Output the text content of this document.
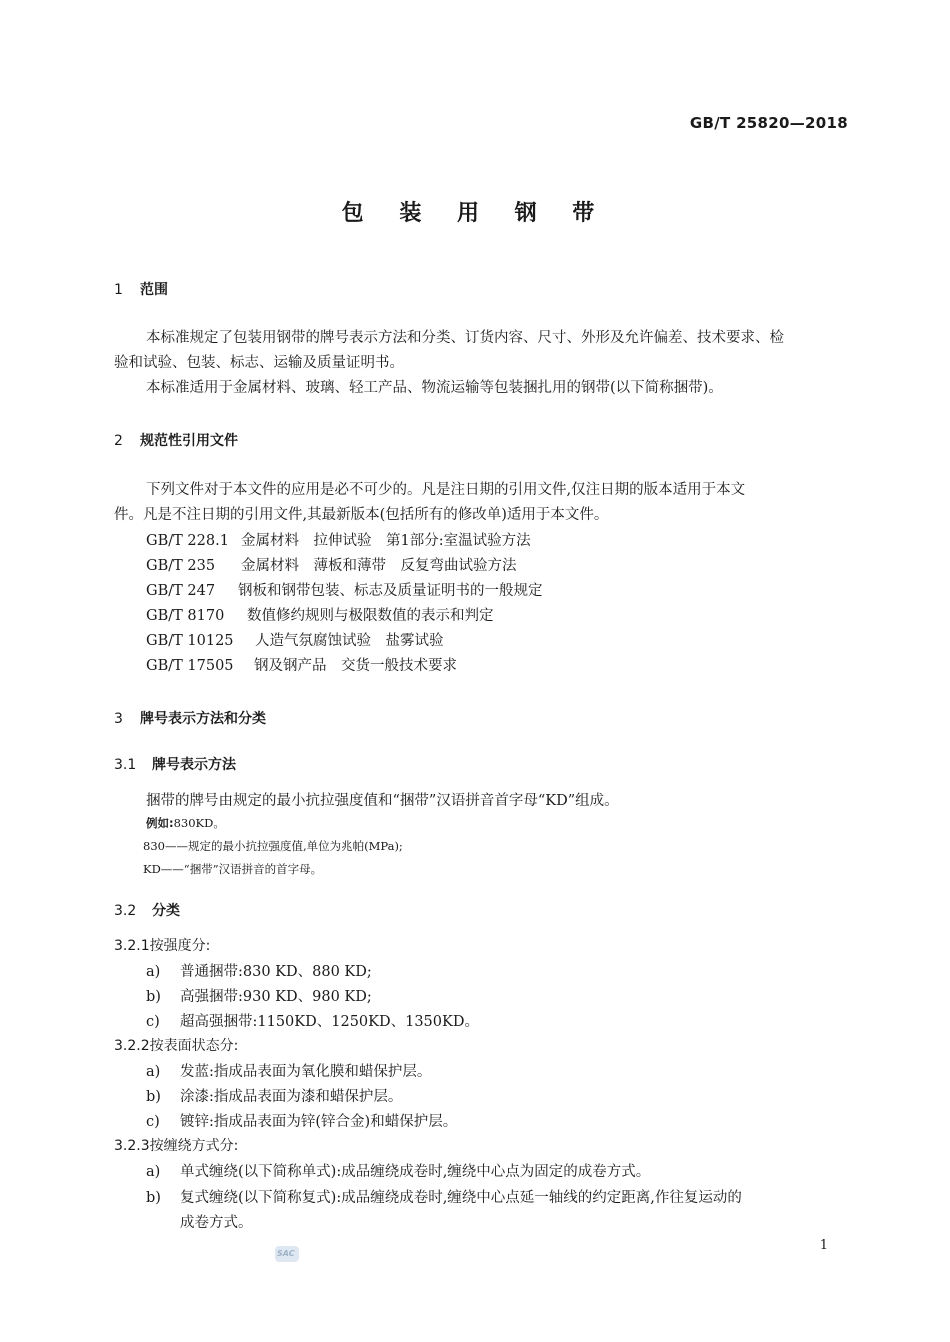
GB/T 25820—2018
包 装 用 钢 带
1 范围
本标准规定了包装用钢带的牌号表示方法和分类、订货内容、尺寸、外形及允许偏差、技术要求、检
验和试验、包装、标志、运输及质量证明书。
本标准适用于金属材料、玻璃、轻工产品、物流运输等包装捆扎用的钢带(以下简称捆带)。
2 规范性引用文件
下列文件对于本文件的应用是必不可少的。凡是注日期的引用文件,仅注日期的版本适用于本文
件。凡是不注日期的引用文件,其最新版本(包括所有的修改单)适用于本文件。
GB/T 228.1 金属材料　拉伸试验　第1部分:室温试验方法
GB/T 235 金属材料　薄板和薄带　反复弯曲试验方法
GB/T 247 钢板和钢带包装、标志及质量证明书的一般规定
GB/T 8170 数值修约规则与极限数值的表示和判定
GB/T 10125 人造气氛腐蚀试验　盐雾试验
GB/T 17505 钢及钢产品　交货一般技术要求
3 牌号表示方法和分类
3.1 牌号表示方法
捆带的牌号由规定的最小抗拉强度值和“捆带”汉语拼音首字母“KD”组成。
例如:830KD。
830——规定的最小抗拉强度值,单位为兆帕(MPa);
KD——“捆带”汉语拼音的首字母。
3.2 分类
3.2.1按强度分:
a) 普通捆带:830 KD、880 KD;
b) 高强捆带:930 KD、980 KD;
c) 超高强捆带:1150KD、1250KD、1350KD。
3.2.2按表面状态分:
a) 发蓝:指成品表面为氧化膜和蜡保护层。
b) 涂漆:指成品表面为漆和蜡保护层。
c) 镀锌:指成品表面为锌(锌合金)和蜡保护层。
3.2.3按缠绕方式分:
a) 单式缠绕(以下简称单式):成品缠绕成卷时,缠绕中心点为固定的成卷方式。
b) 复式缠绕(以下简称复式):成品缠绕成卷时,缠绕中心点延一轴线的约定距离,作往复运动的
成卷方式。
SAC
1
